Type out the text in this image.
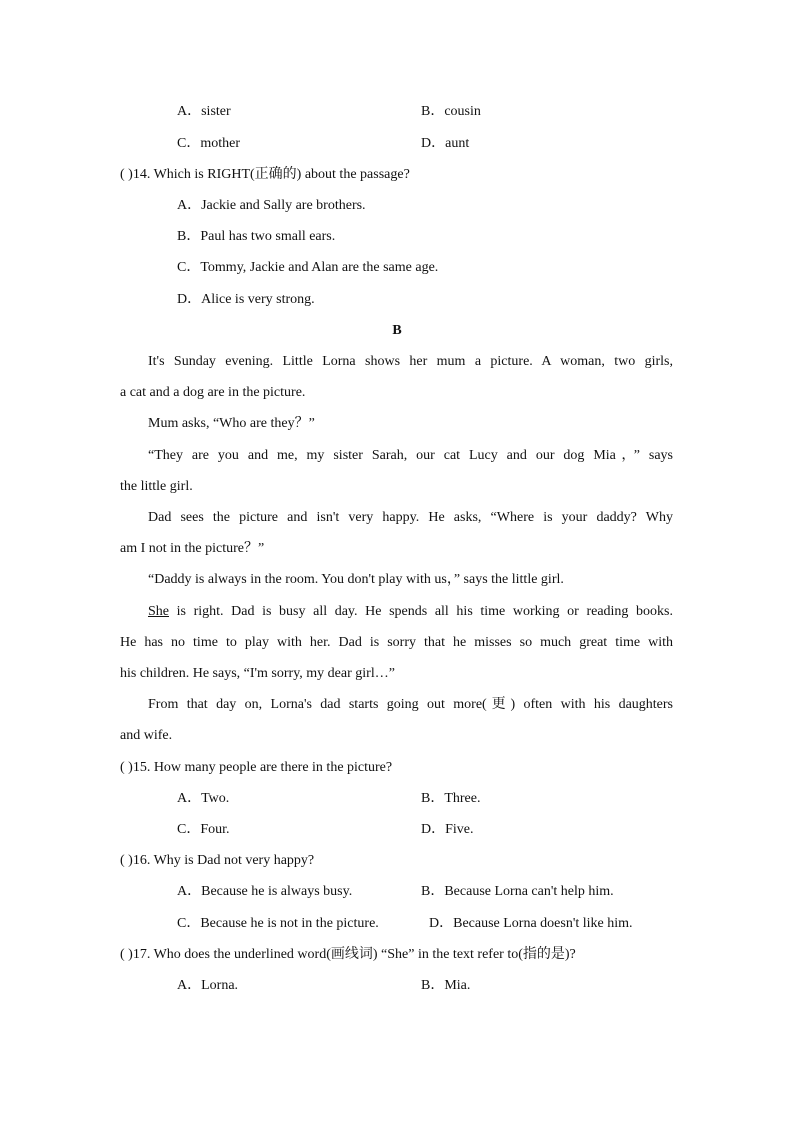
A．sister	B．cousin
C．mother	D．aunt
( )14. Which is RIGHT(正确的) about the passage?
A．Jackie and Sally are brothers.
B．Paul has two small ears.
C．Tommy, Jackie and Alan are the same age.
D．Alice is very strong.
B
It's Sunday evening. Little Lorna shows her mum a picture. A woman, two girls,
a cat and a dog are in the picture.
Mum asks, “Who are they？”
“They are you and me, my sister Sarah, our cat Lucy and our dog Mia，” says
the little girl.
Dad sees the picture and isn't very happy. He asks, “Where is your daddy? Why
am I not in the picture？”
“Daddy is always in the room. You don't play with us，” says the little girl.
She is right. Dad is busy all day. He spends all his time working or reading books.
He has no time to play with her. Dad is sorry that he misses so much great time with
his children. He says, “I'm sorry, my dear girl…”
From that day on, Lorna's dad starts going out more(更) often with his daughters
and wife.
( )15. How many people are there in the picture?
A．Two.	B．Three.
C．Four.	D．Five.
( )16. Why is Dad not very happy?
A．Because he is always busy.	B．Because Lorna can't help him.
C．Because he is not in the picture.	D．Because Lorna doesn't like him.
( )17. Who does the underlined word(画线词) “She” in the text refer to(指的是)?
A．Lorna.	B．Mia.
